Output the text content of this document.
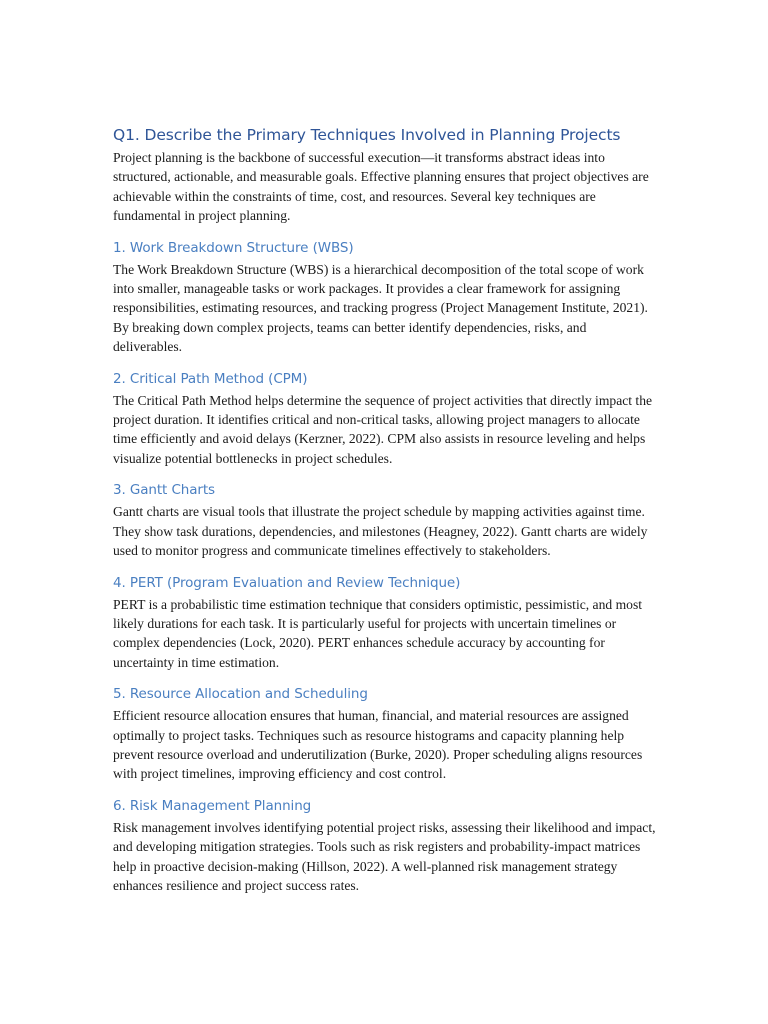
Q1. Describe the Primary Techniques Involved in Planning Projects

Project planning is the backbone of successful execution—it transforms abstract ideas into structured, actionable, and measurable goals. Effective planning ensures that project objectives are achievable within the constraints of time, cost, and resources. Several key techniques are fundamental in project planning.

1. Work Breakdown Structure (WBS)

The Work Breakdown Structure (WBS) is a hierarchical decomposition of the total scope of work into smaller, manageable tasks or work packages. It provides a clear framework for assigning responsibilities, estimating resources, and tracking progress (Project Management Institute, 2021). By breaking down complex projects, teams can better identify dependencies, risks, and deliverables.

2. Critical Path Method (CPM)

The Critical Path Method helps determine the sequence of project activities that directly impact the project duration. It identifies critical and non-critical tasks, allowing project managers to allocate time efficiently and avoid delays (Kerzner, 2022). CPM also assists in resource leveling and helps visualize potential bottlenecks in project schedules.

3. Gantt Charts

Gantt charts are visual tools that illustrate the project schedule by mapping activities against time. They show task durations, dependencies, and milestones (Heagney, 2022). Gantt charts are widely used to monitor progress and communicate timelines effectively to stakeholders.

4. PERT (Program Evaluation and Review Technique)

PERT is a probabilistic time estimation technique that considers optimistic, pessimistic, and most likely durations for each task. It is particularly useful for projects with uncertain timelines or complex dependencies (Lock, 2020). PERT enhances schedule accuracy by accounting for uncertainty in time estimation.

5. Resource Allocation and Scheduling

Efficient resource allocation ensures that human, financial, and material resources are assigned optimally to project tasks. Techniques such as resource histograms and capacity planning help prevent resource overload and underutilization (Burke, 2020). Proper scheduling aligns resources with project timelines, improving efficiency and cost control.

6. Risk Management Planning

Risk management involves identifying potential project risks, assessing their likelihood and impact, and developing mitigation strategies. Tools such as risk registers and probability-impact matrices help in proactive decision-making (Hillson, 2022). A well-planned risk management strategy enhances resilience and project success rates.
